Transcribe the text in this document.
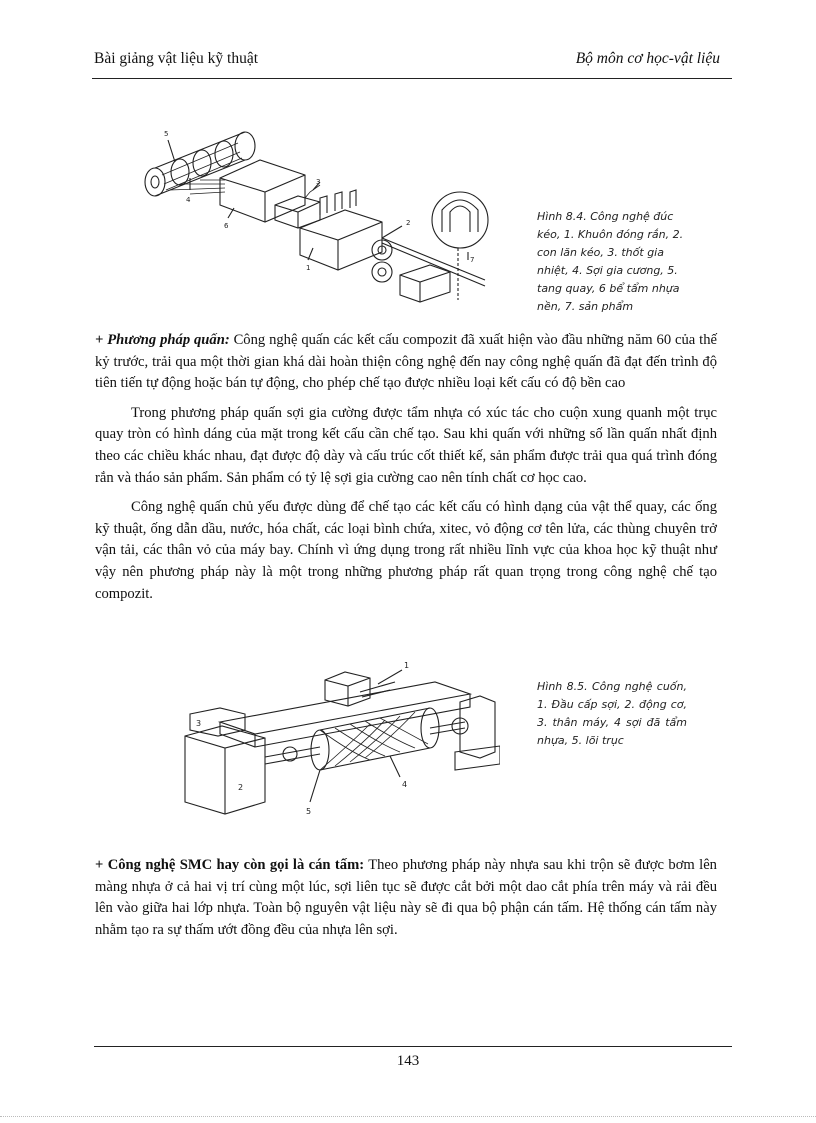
Bài giảng vật liệu kỹ thuật	Bộ môn cơ học-vật liệu
5
4
6
3
2
1
7
Hình 8.4. Công nghệ đúc kéo, 1. Khuôn đóng rắn, 2. con lăn kéo, 3. thốt gia nhiệt, 4. Sợi gia cương, 5. tang quay, 6 bể tẩm nhựa nền, 7. sản phẩm

+ Phương pháp quấn: Công nghệ quấn các kết cấu compozit đã xuất hiện vào đầu những năm 60 của thế kỷ trước, trải qua một thời gian khá dài hoàn thiện công nghệ đến nay công nghệ quấn đã đạt đến trình độ tiên tiến tự động hoặc bán tự động, cho phép chế tạo được nhiều loại kết cấu có độ bền cao

Trong phương pháp quấn sợi gia cường được tẩm nhựa có xúc tác cho cuộn xung quanh một trục quay tròn có hình dáng của mặt trong kết cấu cần chế tạo. Sau khi quấn với những số lần quấn nhất định theo các chiều khác nhau, đạt được độ dày và cấu trúc cốt thiết kế, sản phẩm được trải qua quá trình đóng rắn và tháo sản phẩm. Sản phẩm có tỷ lệ sợi gia cường cao nên tính chất cơ học cao.

Công nghệ quấn chủ yếu được dùng để chế tạo các kết cấu có hình dạng của vật thể quay, các ống kỹ thuật, ống dẫn dầu, nước, hóa chất, các loại bình chứa, xitec, vỏ động cơ tên lửa, các thùng chuyên trở vận tải, các thân vỏ của máy bay. Chính vì ứng dụng trong rất nhiều lĩnh vực của khoa học kỹ thuật như vậy nên phương pháp này là một trong những phương pháp rất quan trọng trong công nghệ chế tạo compozit.

1
3
2
5
4
Hình 8.5. Công nghệ cuốn, 1. Đầu cấp sợi, 2. động cơ, 3. thân máy, 4 sợi đã tẩm nhựa, 5. lõi trục

+ Công nghệ SMC hay còn gọi là cán tấm: Theo phương pháp này nhựa sau khi trộn sẽ được bơm lên màng nhựa ở cả hai vị trí cùng một lúc, sợi liên tục sẽ được cắt bởi một dao cắt phía trên máy và rải đều lên vào giữa hai lớp nhựa. Toàn bộ nguyên vật liệu này sẽ đi qua bộ phận cán tấm. Hệ thống cán tấm này nhằm tạo ra sự thấm ướt đồng đều của nhựa lên sợi.

143
